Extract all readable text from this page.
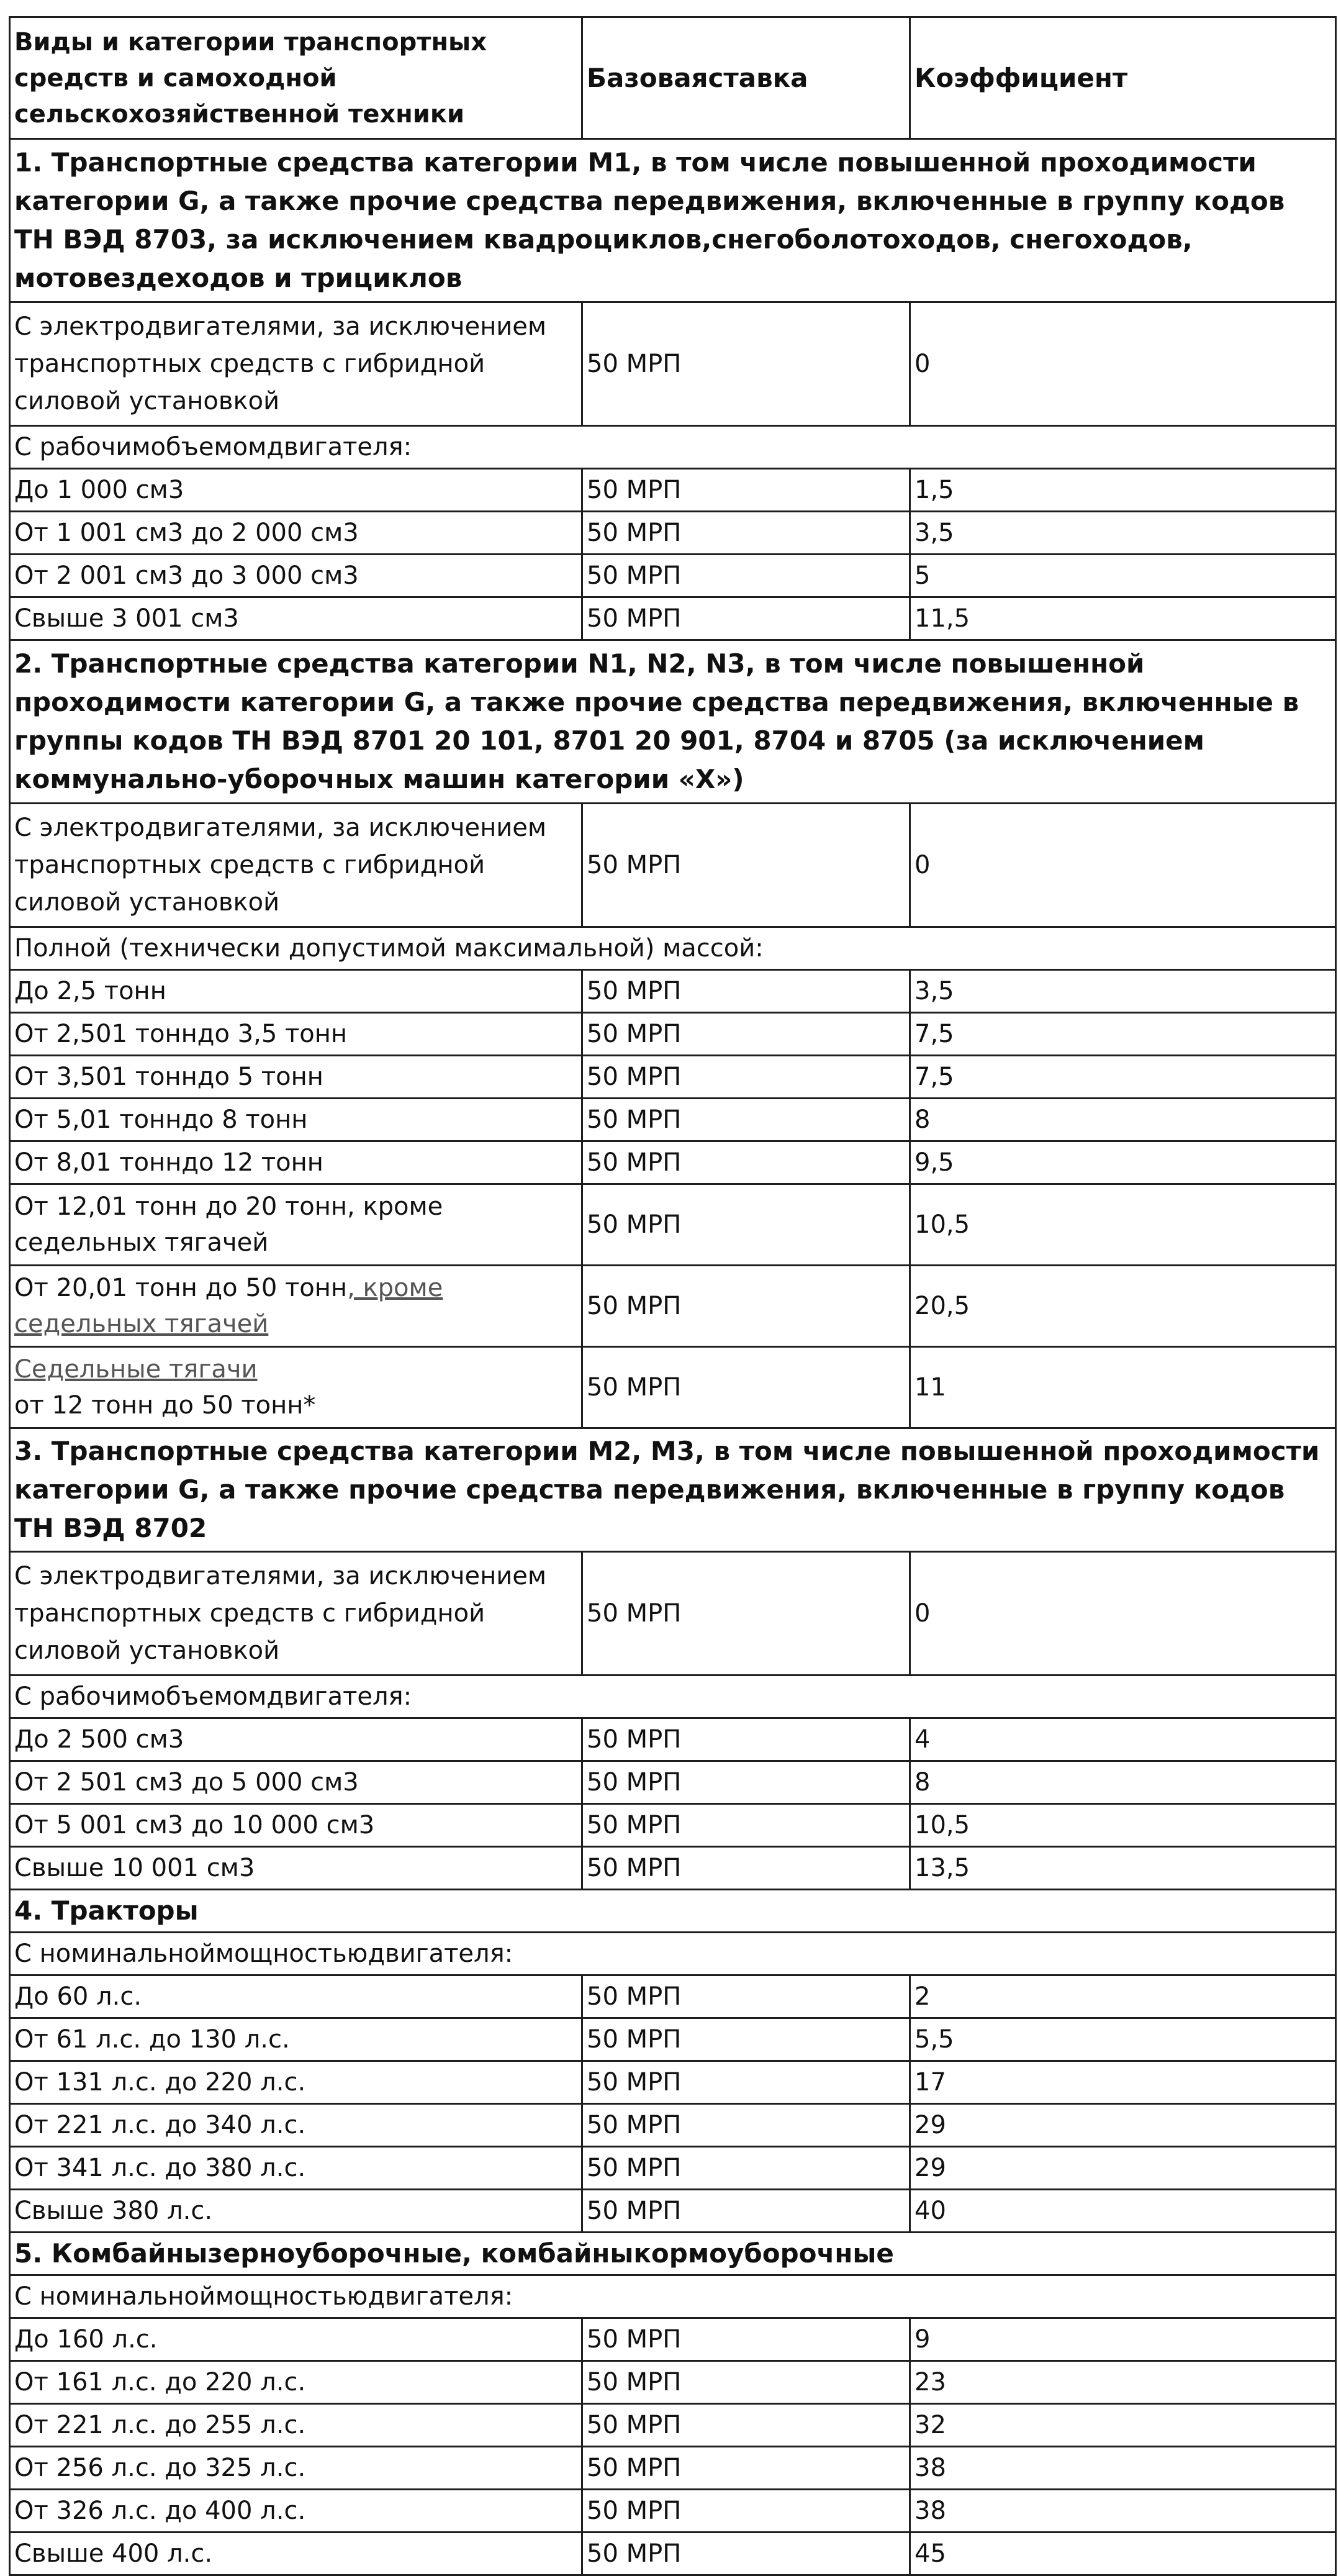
Виды и категории транспортных средств и самоходной сельскохозяйственной техники	Базоваяставка	Коэффициент
1. Транспортные средства категории М1, в том числе повышенной проходимости категории G, а также прочие средства передвижения, включенные в группу кодов ТН ВЭД 8703, за исключением квадроциклов,снегоболотоходов, снегоходов, мотовездеходов и трициклов		
С электродвигателями, за исключением транспортных средств с гибридной силовой установкой	50 МРП	0
С рабочимобъемомдвигателя:		
До 1 000 см3	50 МРП	1,5
От 1 001 см3 до 2 000 см3	50 МРП	3,5
От 2 001 см3 до 3 000 см3	50 МРП	5
Свыше 3 001 см3	50 МРП	11,5
2. Транспортные средства категории N1, N2, N3, в том числе повышенной проходимости категории G, а также прочие средства передвижения, включенные в группы кодов ТН ВЭД 8701 20 101, 8701 20 901, 8704 и 8705 (за исключением коммунально-уборочных машин категории «Х»)		
С электродвигателями, за исключением транспортных средств с гибридной силовой установкой	50 МРП	0
Полной (технически допустимой максимальной) массой:		
До 2,5 тонн	50 МРП	3,5
От 2,501 тонндо 3,5 тонн	50 МРП	7,5
От 3,501 тонндо 5 тонн	50 МРП	7,5
От 5,01 тонндо 8 тонн	50 МРП	8
От 8,01 тонндо 12 тонн	50 МРП	9,5
От 12,01 тонн до 20 тонн, кроме седельных тягачей	50 МРП	10,5
От 20,01 тонн до 50 тонн, кроме седельных тягачей	50 МРП	20,5
Седельные тягачи
от 12 тонн до 50 тонн*	50 МРП	11
3. Транспортные средства категории М2, М3, в том числе повышенной проходимости категории G, а также прочие средства передвижения, включенные в группу кодов ТН ВЭД 8702		
С электродвигателями, за исключением транспортных средств с гибридной силовой установкой	50 МРП	0
С рабочимобъемомдвигателя:		
До 2 500 см3	50 МРП	4
От 2 501 см3 до 5 000 см3	50 МРП	8
От 5 001 см3 до 10 000 см3	50 МРП	10,5
Свыше 10 001 см3	50 МРП	13,5
4. Тракторы		
С номинальноймощностьюдвигателя:		
До 60 л.с.	50 МРП	2
От 61 л.с. до 130 л.с.	50 МРП	5,5
От 131 л.с. до 220 л.с.	50 МРП	17
От 221 л.с. до 340 л.с.	50 МРП	29
От 341 л.с. до 380 л.с.	50 МРП	29
Свыше 380 л.с.	50 МРП	40
5. Комбайнызерноуборочные, комбайныкормоуборочные		
С номинальноймощностьюдвигателя:		
До 160 л.с.	50 МРП	9
От 161 л.с. до 220 л.с.	50 МРП	23
От 221 л.с. до 255 л.с.	50 МРП	32
От 256 л.с. до 325 л.с.	50 МРП	38
От 326 л.с. до 400 л.с.	50 МРП	38
Свыше 400 л.с.	50 МРП	45
